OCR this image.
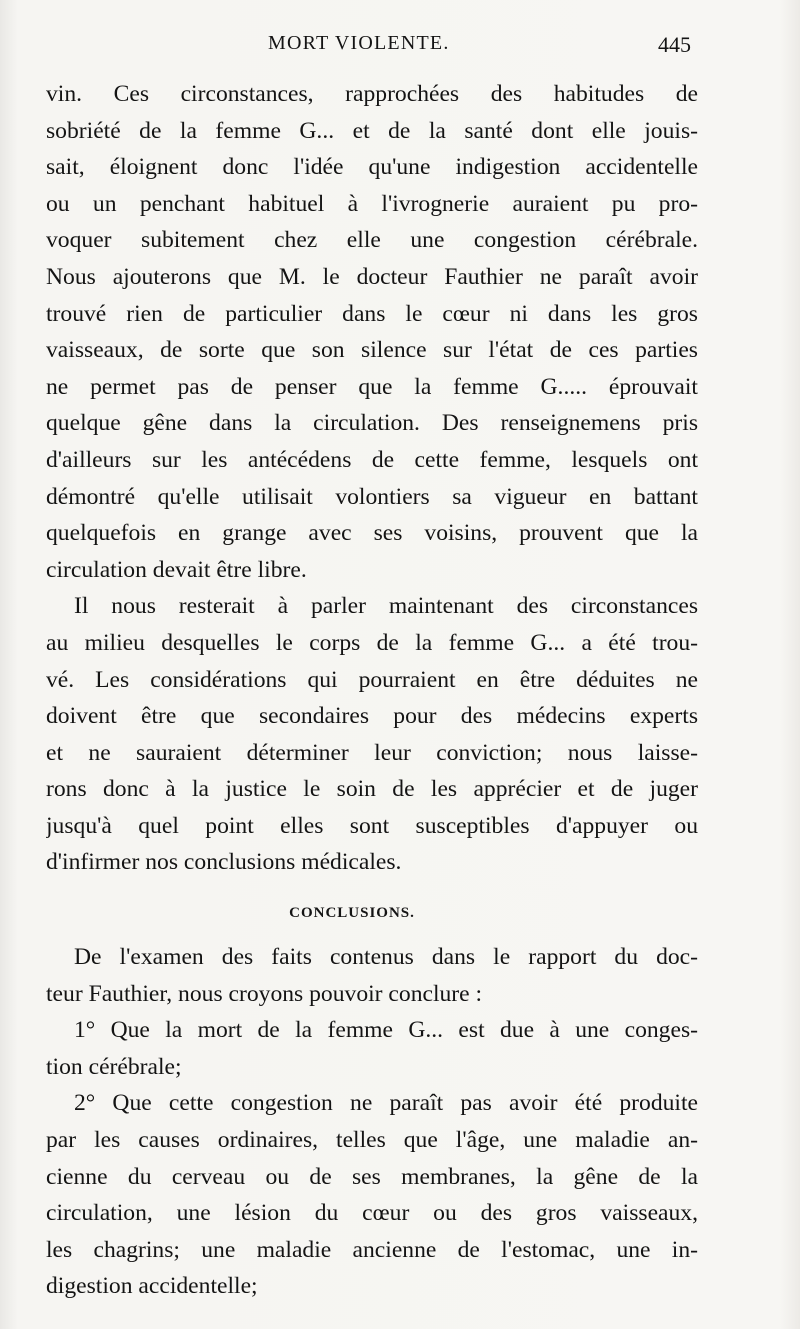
MORT VIOLENTE.	445
vin. Ces circonstances, rapprochées des habitudes de
sobriété de la femme G... et de la santé dont elle jouis-
sait, éloignent donc l'idée qu'une indigestion accidentelle
ou un penchant habituel à l'ivrognerie auraient pu pro-
voquer subitement chez elle une congestion cérébrale.
Nous ajouterons que M. le docteur Fauthier ne paraît avoir
trouvé rien de particulier dans le cœur ni dans les gros
vaisseaux, de sorte que son silence sur l'état de ces parties
ne permet pas de penser que la femme G..... éprouvait
quelque gêne dans la circulation. Des renseignemens pris
d'ailleurs sur les antécédens de cette femme, lesquels ont
démontré qu'elle utilisait volontiers sa vigueur en battant
quelquefois en grange avec ses voisins, prouvent que la
circulation devait être libre.
Il nous resterait à parler maintenant des circonstances
au milieu desquelles le corps de la femme G... a été trou-
vé. Les considérations qui pourraient en être déduites ne
doivent être que secondaires pour des médecins experts
et ne sauraient déterminer leur conviction; nous laisse-
rons donc à la justice le soin de les apprécier et de juger
jusqu'à quel point elles sont susceptibles d'appuyer ou
d'infirmer nos conclusions médicales.
CONCLUSIONS.
De l'examen des faits contenus dans le rapport du doc-
teur Fauthier, nous croyons pouvoir conclure :
1° Que la mort de la femme G... est due à une conges-
tion cérébrale;
2° Que cette congestion ne paraît pas avoir été produite
par les causes ordinaires, telles que l'âge, une maladie an-
cienne du cerveau ou de ses membranes, la gêne de la
circulation, une lésion du cœur ou des gros vaisseaux,
les chagrins; une maladie ancienne de l'estomac, une in-
digestion accidentelle;
